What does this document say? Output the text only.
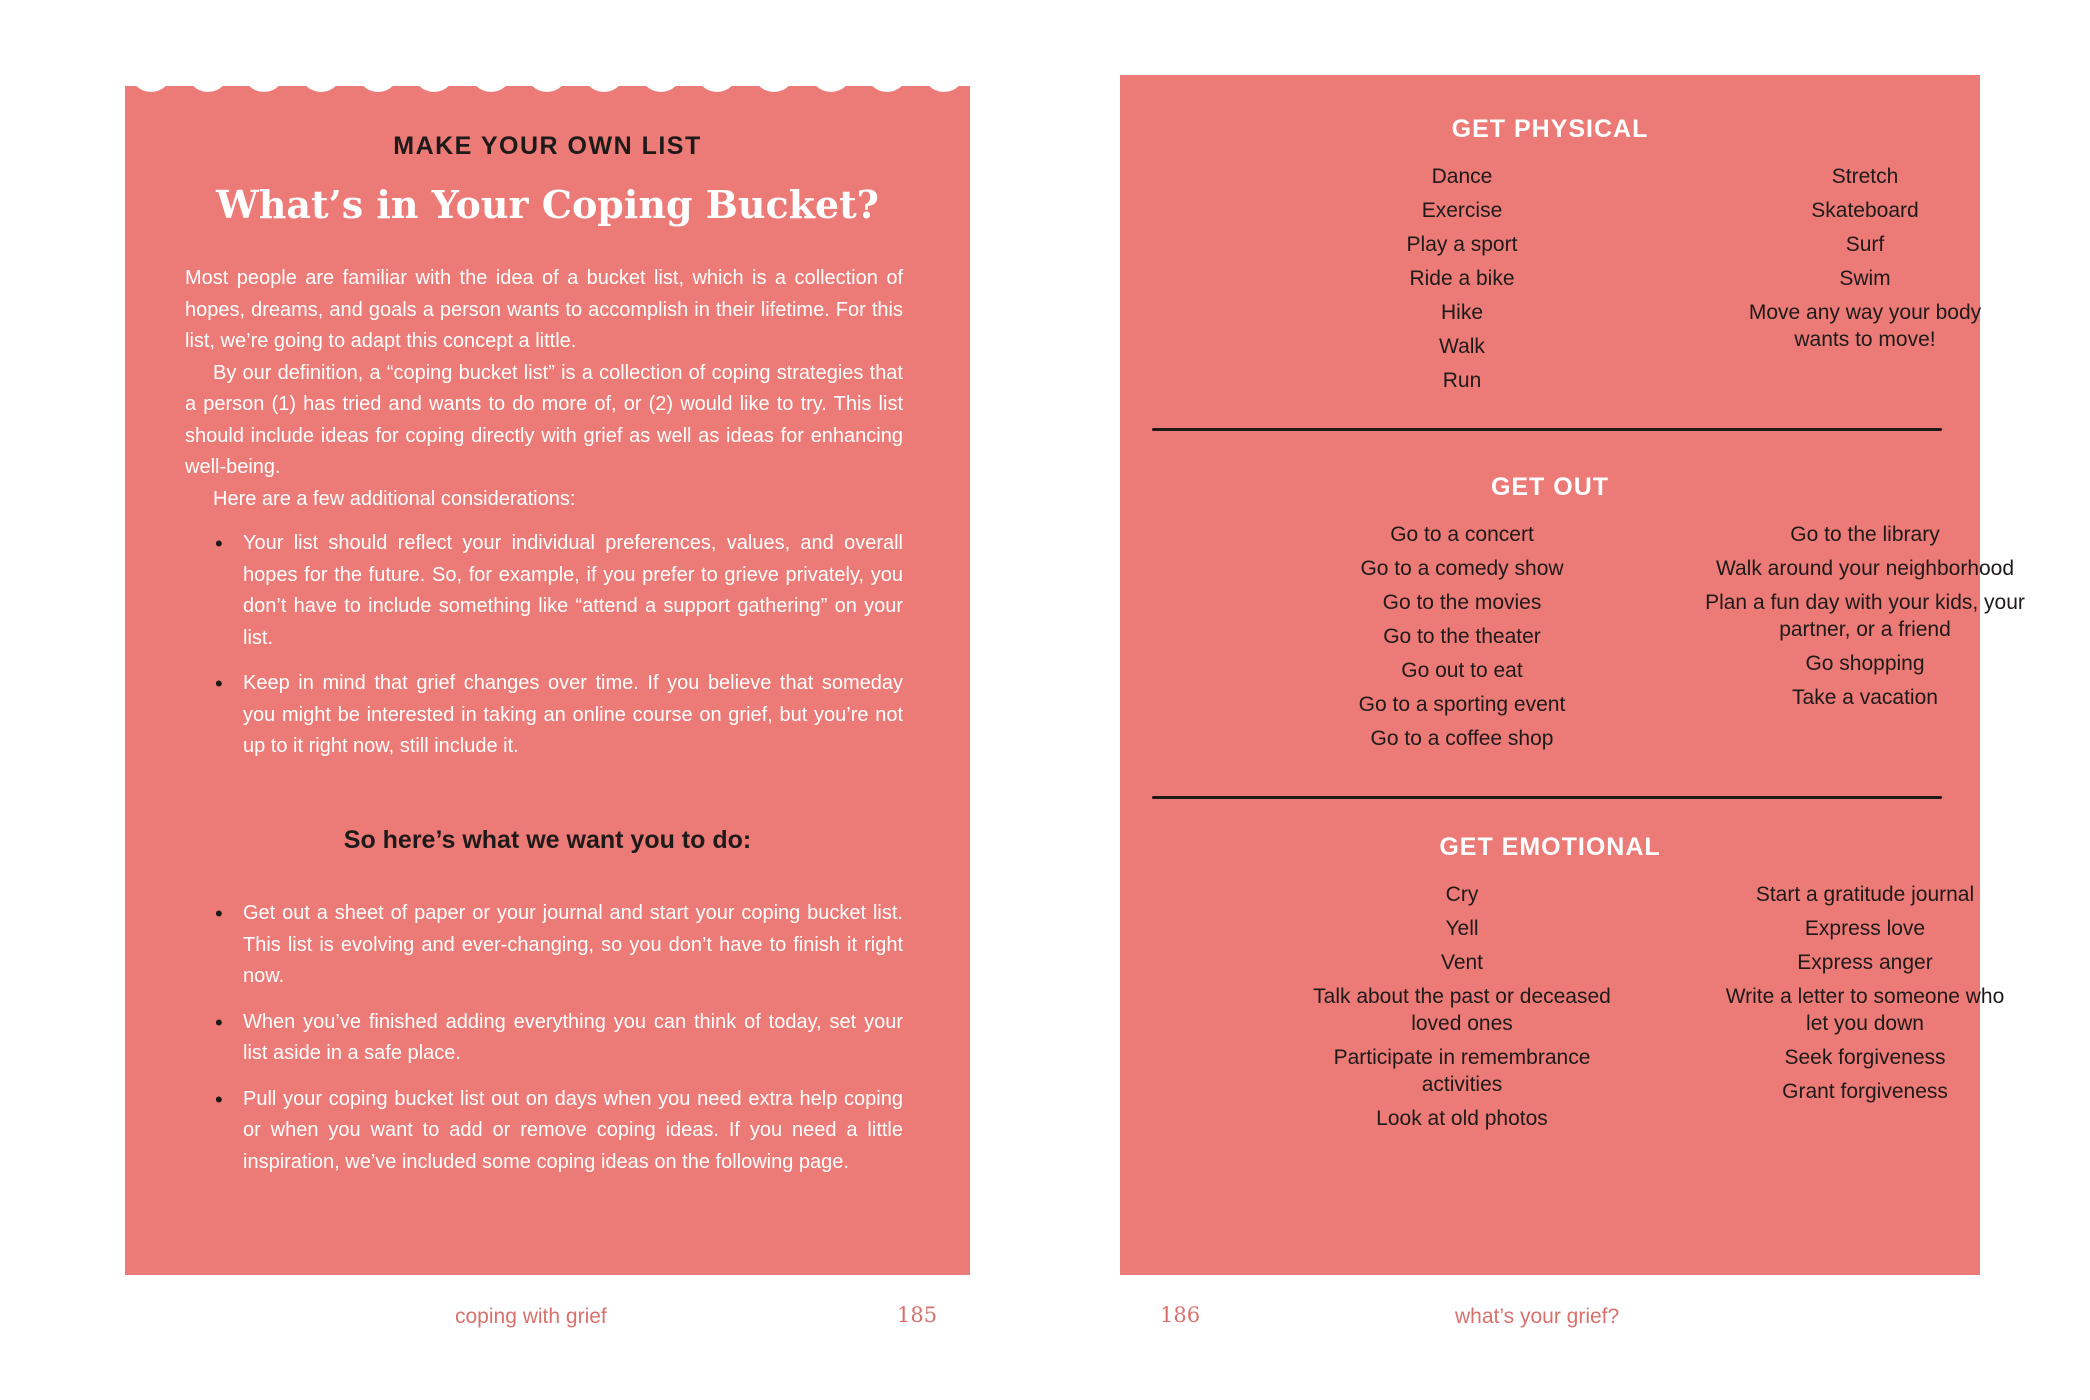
MAKE YOUR OWN LIST
What’s in Your Coping Bucket?

Most people are familiar with the idea of a bucket list, which is a collection of hopes, dreams, and goals a person wants to accomplish in their lifetime. For this list, we’re going to adapt this concept a little.

By our definition, a “coping bucket list” is a collection of coping strategies that a person (1) has tried and wants to do more of, or (2) would like to try. This list should include ideas for coping directly with grief as well as ideas for enhancing well-being.

Here are a few additional considerations:

• Your list should reflect your individual preferences, values, and overall hopes for the future. So, for example, if you prefer to grieve privately, you don’t have to include something like “attend a support gathering” on your list.
• Keep in mind that grief changes over time. If you believe that someday you might be interested in taking an online course on grief, but you’re not up to it right now, still include it.
So here’s what we want you to do:
• Get out a sheet of paper or your journal and start your coping bucket list. This list is evolving and ever-changing, so you don’t have to finish it right now.
• When you’ve finished adding everything you can think of today, set your list aside in a safe place.
• Pull your coping bucket list out on days when you need extra help coping or when you want to add or remove coping ideas. If you need a little inspiration, we’ve included some coping ideas on the following page.
coping with grief	185
GET PHYSICAL
Dance
Exercise
Play a sport
Ride a bike
Hike
Walk
Run
Stretch
Skateboard
Surf
Swim
Move any way your body wants to move!
GET OUT
Go to a concert
Go to a comedy show
Go to the movies
Go to the theater
Go out to eat
Go to a sporting event
Go to a coffee shop
Go to the library
Walk around your neighborhood
Plan a fun day with your kids, your partner, or a friend
Go shopping
Take a vacation
GET EMOTIONAL
Cry
Yell
Vent
Talk about the past or deceased loved ones
Participate in remembrance activities
Look at old photos
Start a gratitude journal
Express love
Express anger
Write a letter to someone who let you down
Seek forgiveness
Grant forgiveness
186	what’s your grief?
